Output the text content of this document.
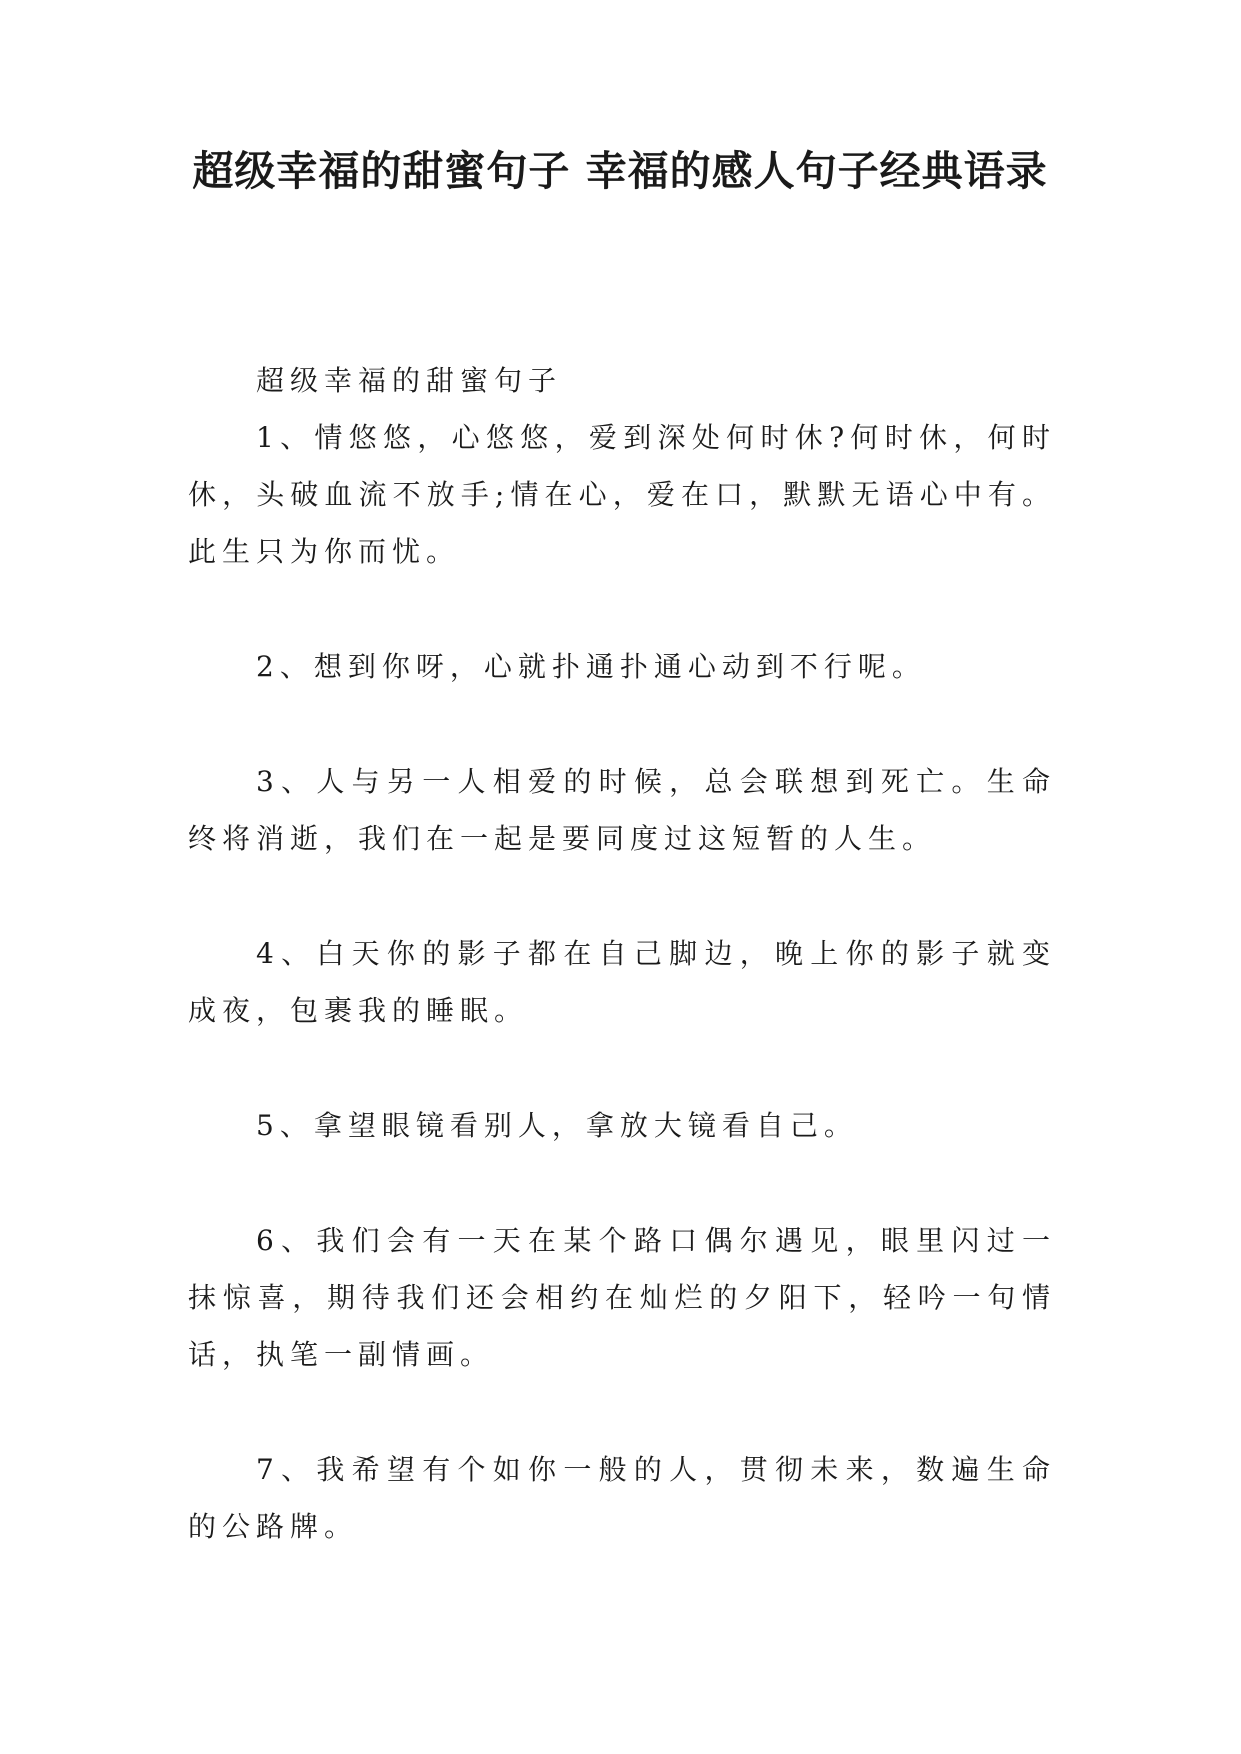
超级幸福的甜蜜句子 幸福的感人句子经典语录

超级幸福的甜蜜句子

1、情悠悠，心悠悠，爱到深处何时休?何时休，何时休，头破血流不放手;情在心，爱在口，默默无语心中有。此生只为你而忧。

2、想到你呀，心就扑通扑通心动到不行呢。

3、人与另一人相爱的时候，总会联想到死亡。生命终将消逝，我们在一起是要同度过这短暂的人生。

4、白天你的影子都在自己脚边，晚上你的影子就变成夜，包裹我的睡眠。

5、拿望眼镜看别人，拿放大镜看自己。

6、我们会有一天在某个路口偶尔遇见，眼里闪过一抹惊喜，期待我们还会相约在灿烂的夕阳下，轻吟一句情话，执笔一副情画。

7、我希望有个如你一般的人，贯彻未来，数遍生命的公路牌。
